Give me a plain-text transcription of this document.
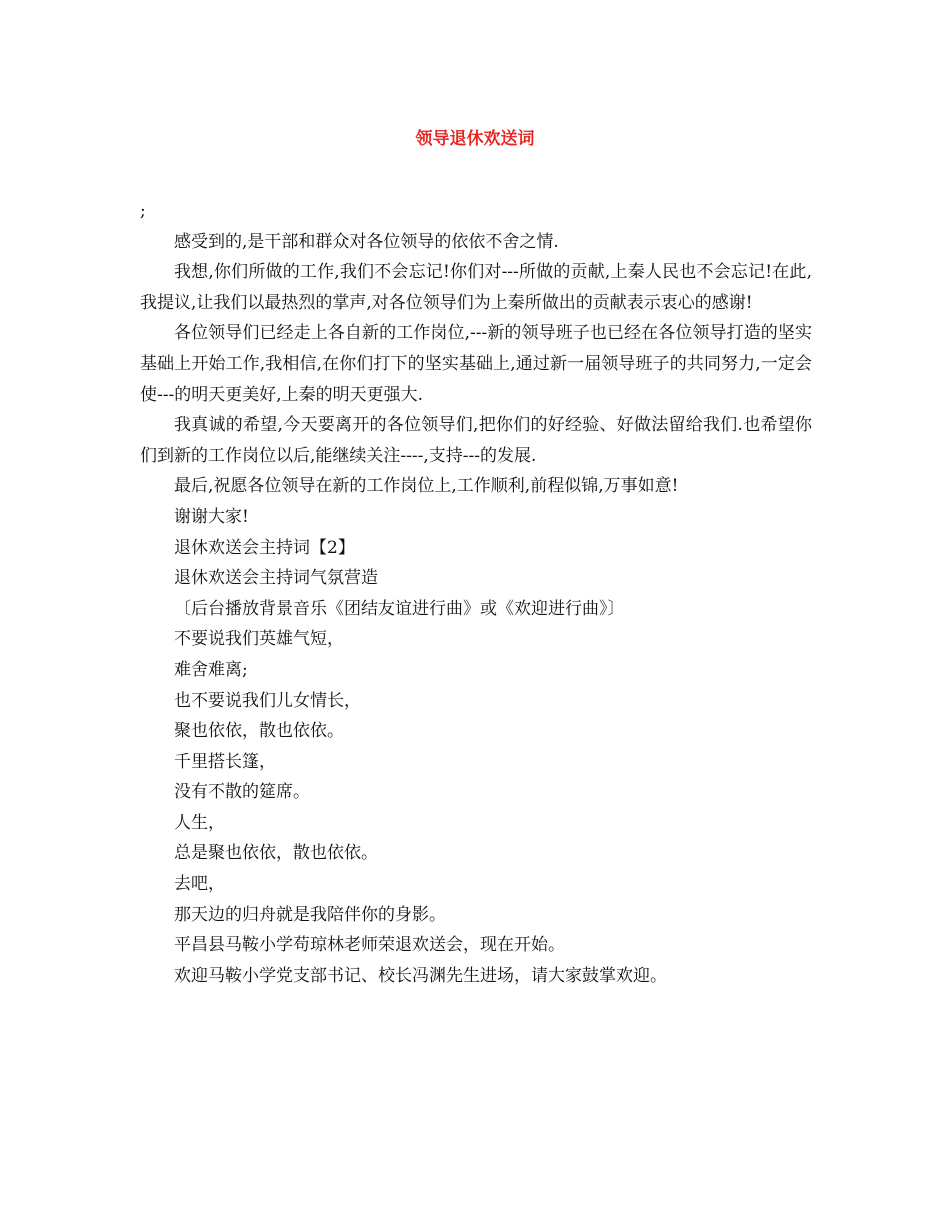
领导退休欢送词

;

感受到的,是干部和群众对各位领导的依依不舍之情.

我想,你们所做的工作,我们不会忘记!你们对---所做的贡献,上秦人民也不会忘记!在此,我提议,让我们以最热烈的掌声,对各位领导们为上秦所做出的贡献表示衷心的感谢!

各位领导们已经走上各自新的工作岗位,---新的领导班子也已经在各位领导打造的坚实基础上开始工作,我相信,在你们打下的坚实基础上,通过新一届领导班子的共同努力,一定会使---的明天更美好,上秦的明天更强大.

我真诚的希望,今天要离开的各位领导们,把你们的好经验、好做法留给我们.也希望你们到新的工作岗位以后,能继续关注----,支持---的发展.

最后,祝愿各位领导在新的工作岗位上,工作顺利,前程似锦,万事如意!

谢谢大家!

退休欢送会主持词【2】

退休欢送会主持词气氛营造

〔后台播放背景音乐《团结友谊进行曲》或《欢迎进行曲》〕

不要说我们英雄气短，

难舍难离;

也不要说我们儿女情长，

聚也依依，散也依依。

千里搭长篷，

没有不散的筵席。

人生，

总是聚也依依，散也依依。

去吧，

那天边的归舟就是我陪伴你的身影。

平昌县马鞍小学苟琼林老师荣退欢送会，现在开始。

欢迎马鞍小学党支部书记、校长冯渊先生进场，请大家鼓掌欢迎。
